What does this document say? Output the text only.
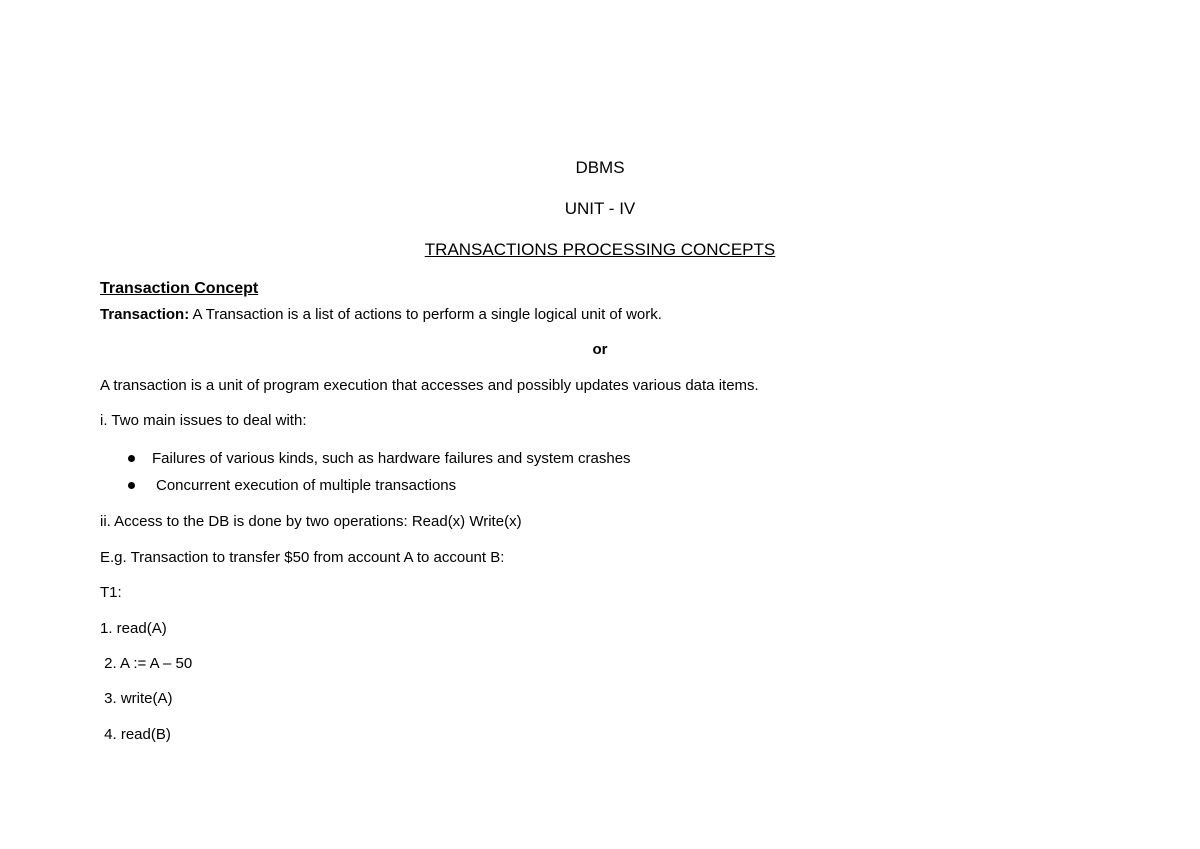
DBMS
UNIT - IV
TRANSACTIONS PROCESSING CONCEPTS
Transaction Concept
Transaction: A Transaction is a list of actions to perform a single logical unit of work.
or
A transaction is a unit of program execution that accesses and possibly updates various data items.
i. Two main issues to deal with:
Failures of various kinds, such as hardware failures and system crashes
Concurrent execution of multiple transactions
ii. Access to the DB is done by two operations: Read(x) Write(x)
E.g. Transaction to transfer $50 from account A to account B:
T1:
1. read(A)
2. A := A – 50
3. write(A)
4. read(B)
